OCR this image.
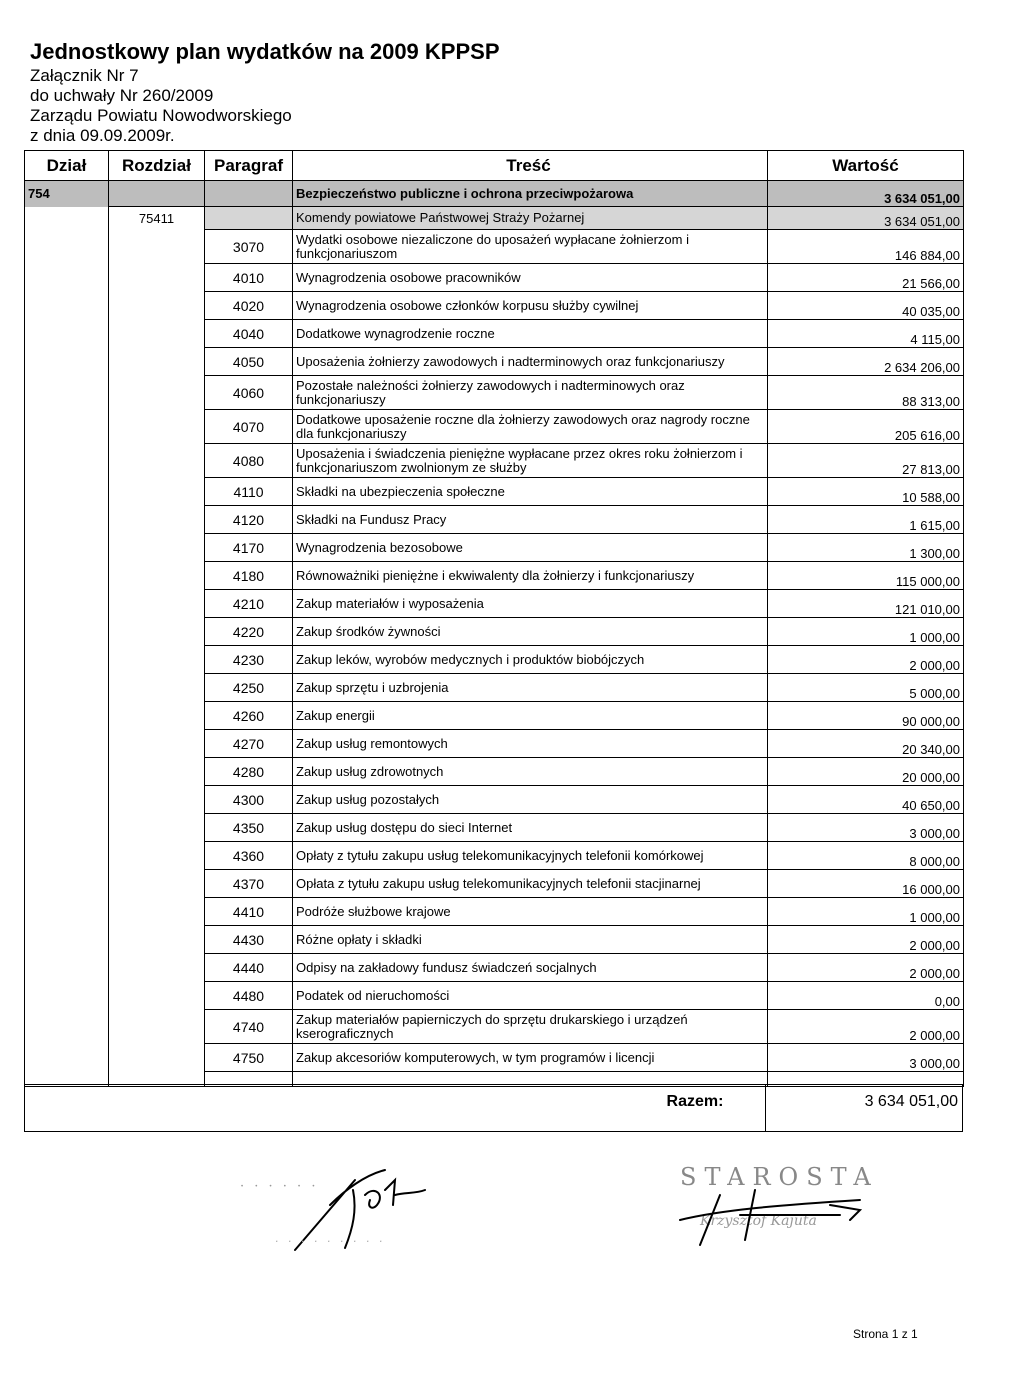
Jednostkowy plan wydatków na 2009 KPPSP
Załącznik Nr 7
do uchwały Nr 260/2009
Zarządu Powiatu Nowodworskiego
z dnia 09.09.2009r.
Dział	Rozdział	Paragraf	Treść	Wartość
754			Bezpieczeństwo publiczne i ochrona przeciwpożarowa	3 634 051,00
	75411		Komendy powiatowe Państwowej Straży Pożarnej	3 634 051,00
		3070	Wydatki osobowe niezaliczone do uposażeń wypłacane żołnierzom i funkcjonariuszom	146 884,00
		4010	Wynagrodzenia osobowe pracowników	21 566,00
		4020	Wynagrodzenia osobowe członków korpusu służby cywilnej	40 035,00
		4040	Dodatkowe wynagrodzenie roczne	4 115,00
		4050	Uposażenia żołnierzy zawodowych i nadterminowych oraz funkcjonariuszy	2 634 206,00
		4060	Pozostałe należności żołnierzy zawodowych i nadterminowych oraz funkcjonariuszy	88 313,00
		4070	Dodatkowe uposażenie roczne dla żołnierzy zawodowych oraz nagrody roczne dla funkcjonariuszy	205 616,00
		4080	Uposażenia i świadczenia pieniężne wypłacane przez okres roku żołnierzom i funkcjonariuszom zwolnionym ze służby	27 813,00
		4110	Składki na ubezpieczenia społeczne	10 588,00
		4120	Składki na Fundusz Pracy	1 615,00
		4170	Wynagrodzenia bezosobowe	1 300,00
		4180	Równoważniki pieniężne i ekwiwalenty dla żołnierzy i funkcjonariuszy	115 000,00
		4210	Zakup materiałów i wyposażenia	121 010,00
		4220	Zakup środków żywności	1 000,00
		4230	Zakup leków, wyrobów medycznych i produktów biobójczych	2 000,00
		4250	Zakup sprzętu i uzbrojenia	5 000,00
		4260	Zakup energii	90 000,00
		4270	Zakup usług remontowych	20 340,00
		4280	Zakup usług zdrowotnych	20 000,00
		4300	Zakup usług pozostałych	40 650,00
		4350	Zakup usług dostępu do sieci Internet	3 000,00
		4360	Opłaty z tytułu zakupu usług telekomunikacyjnych telefonii komórkowej	8 000,00
		4370	Opłata z tytułu zakupu usług telekomunikacyjnych telefonii stacjinarnej	16 000,00
		4410	Podróże służbowe krajowe	1 000,00
		4430	Różne opłaty i składki	2 000,00
		4440	Odpisy na zakładowy fundusz świadczeń socjalnych	2 000,00
		4480	Podatek od nieruchomości	0,00
		4740	Zakup materiałów papierniczych do sprzętu drukarskiego i urządzeń kserograficznych	2 000,00
		4750	Zakup akcesoriów komputerowych, w tym programów i licencji	3 000,00

Razem:	3 634 051,00
· · · · · ·
· · · · · · · · ·
STAROSTA
Krzysztof Kajuta
Strona 1 z 1
